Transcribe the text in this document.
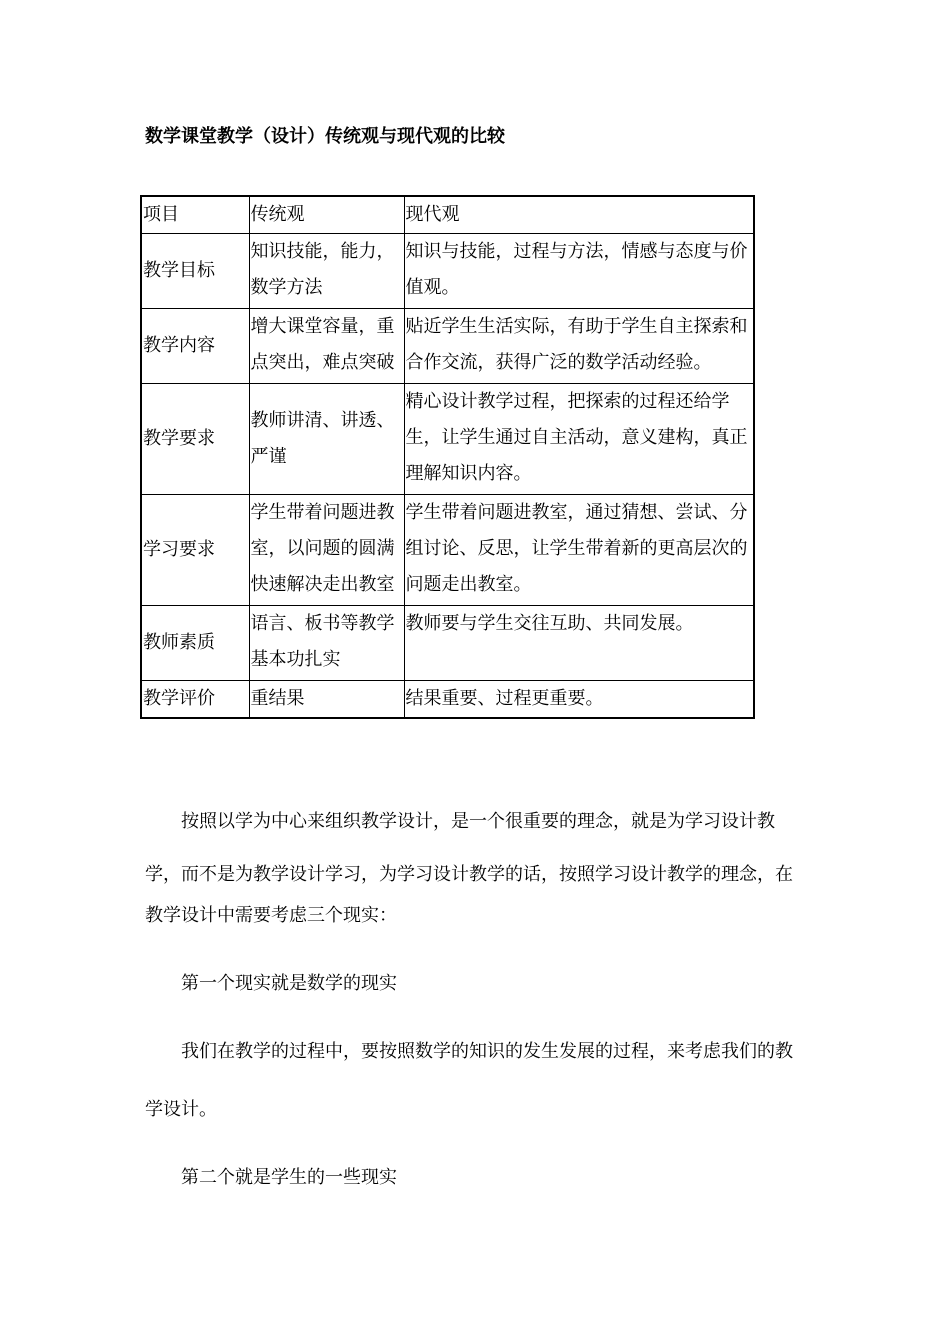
数学课堂教学（设计）传统观与现代观的比较
项目	传统观	现代观
教学目标	知识技能，能力，数学方法	知识与技能，过程与方法，情感与态度与价值观。
教学内容	增大课堂容量，重点突出，难点突破	贴近学生生活实际，有助于学生自主探索和合作交流，获得广泛的数学活动经验。
教学要求	教师讲清、讲透、严谨	精心设计教学过程，把探索的过程还给学生，让学生通过自主活动，意义建构，真正理解知识内容。
学习要求	学生带着问题进教室，以问题的圆满快速解决走出教室	学生带着问题进教室，通过猜想、尝试、分组讨论、反思，让学生带着新的更高层次的问题走出教室。
教师素质	语言、板书等教学基本功扎实	教师要与学生交往互助、共同发展。
教学评价	重结果	结果重要、过程更重要。

按照以学为中心来组织教学设计，是一个很重要的理念，就是为学习设计教学，而不是为教学设计学习，为学习设计教学的话，按照学习设计教学的理念，在

教学设计中需要考虑三个现实：

第一个现实就是数学的现实

我们在教学的过程中，要按照数学的知识的发生发展的过程，来考虑我们的教学设计。

第二个就是学生的一些现实
